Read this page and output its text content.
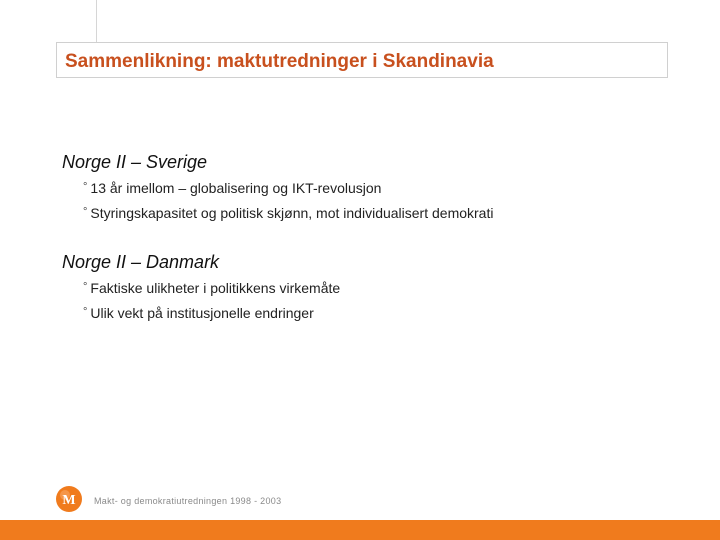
Sammenlikning: maktutredninger i Skandinavia

Norge II – Sverige

° 13 år imellom – globalisering og IKT-revolusjon
° Styringskapasitet og politisk skjønn, mot individualisert demokrati

Norge II – Danmark

° Faktiske ulikheter i politikkens virkemåte
° Ulik vekt på institusjonelle endringer
M Makt- og demokratiutredningen 1998 - 2003
